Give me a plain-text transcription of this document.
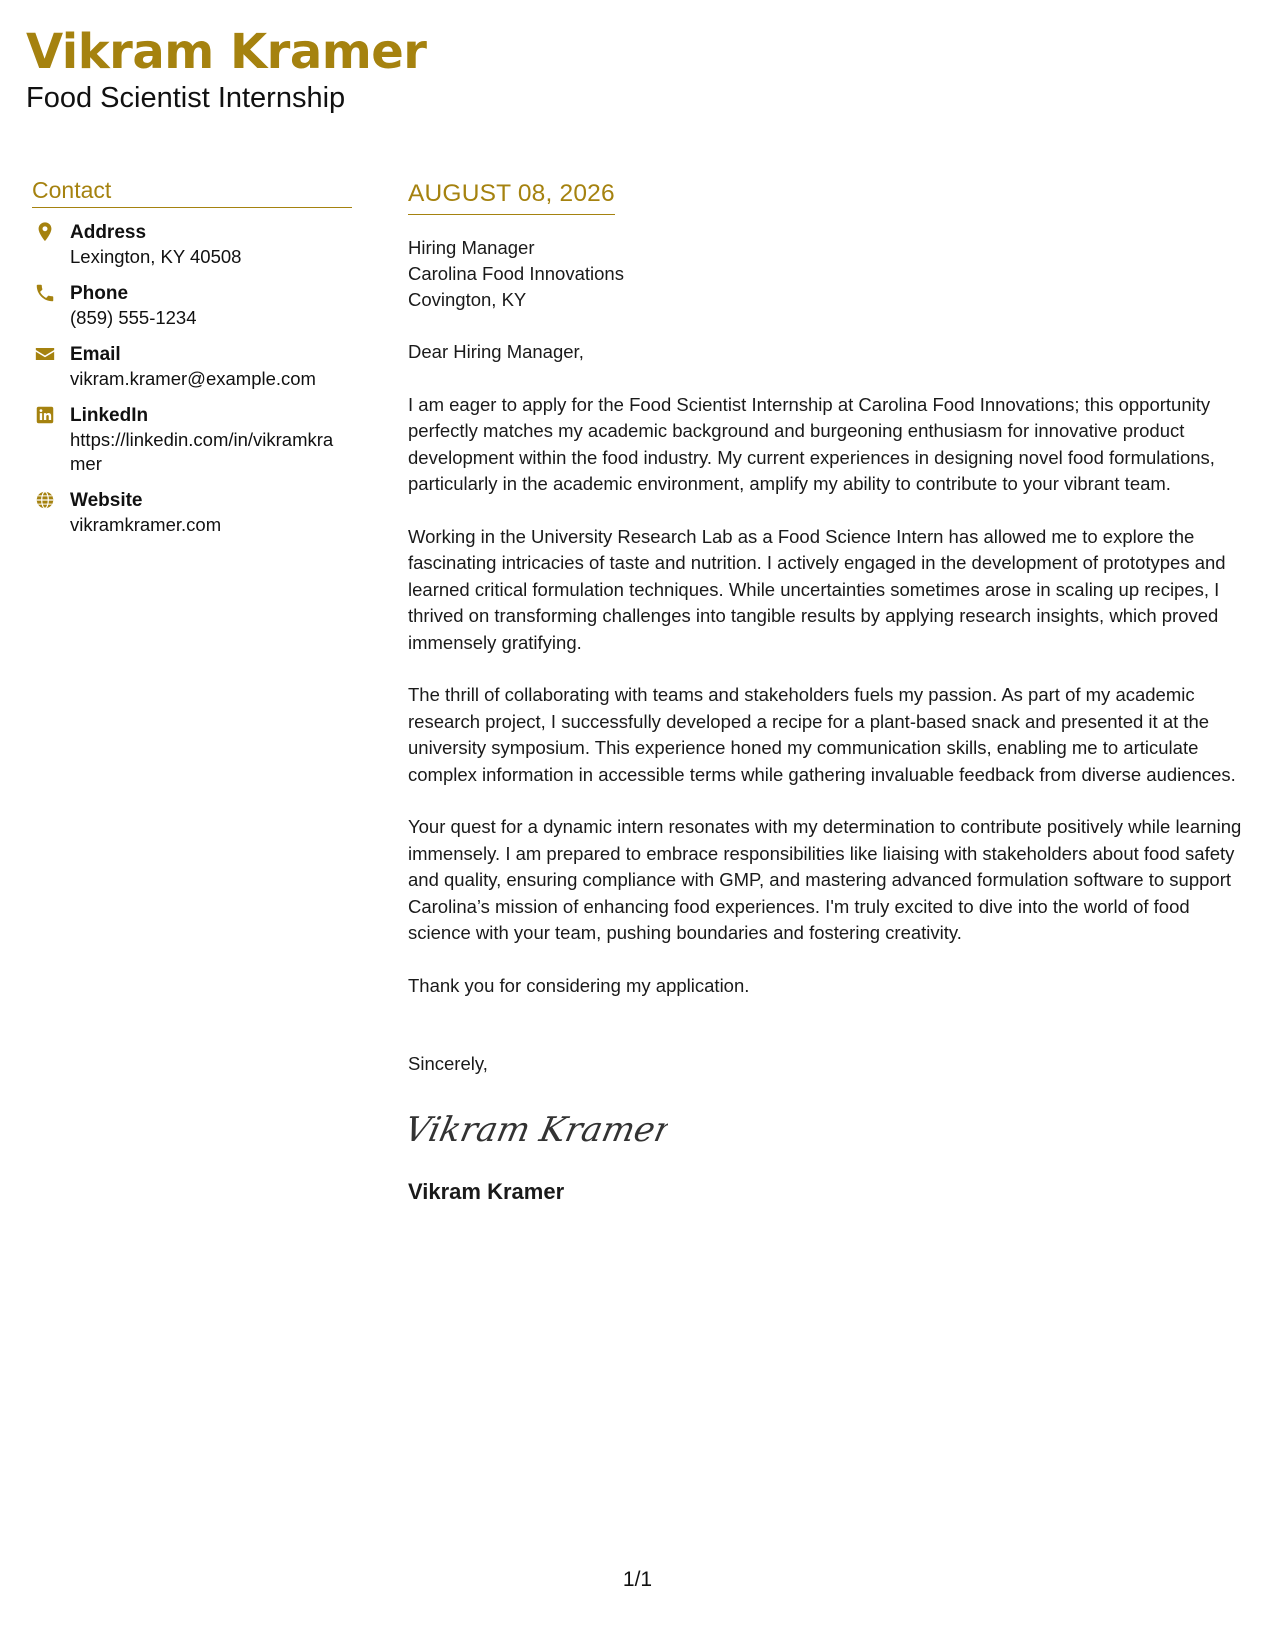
Vikram Kramer
Food Scientist Internship
Contact
Address
Lexington, KY 40508
Phone
(859) 555-1234
Email
vikram.kramer@example.com
LinkedIn
https://linkedin.com/in/vikramkramer
Website
vikramkramer.com
AUGUST 08, 2026
Hiring Manager
Carolina Food Innovations
Covington, KY

Dear Hiring Manager,

I am eager to apply for the Food Scientist Internship at Carolina Food Innovations; this opportunity perfectly matches my academic background and burgeoning enthusiasm for innovative product development within the food industry. My current experiences in designing novel food formulations, particularly in the academic environment, amplify my ability to contribute to your vibrant team.

Working in the University Research Lab as a Food Science Intern has allowed me to explore the fascinating intricacies of taste and nutrition. I actively engaged in the development of prototypes and learned critical formulation techniques. While uncertainties sometimes arose in scaling up recipes, I thrived on transforming challenges into tangible results by applying research insights, which proved immensely gratifying.

The thrill of collaborating with teams and stakeholders fuels my passion. As part of my academic research project, I successfully developed a recipe for a plant-based snack and presented it at the university symposium. This experience honed my communication skills, enabling me to articulate complex information in accessible terms while gathering invaluable feedback from diverse audiences.

Your quest for a dynamic intern resonates with my determination to contribute positively while learning immensely. I am prepared to embrace responsibilities like liaising with stakeholders about food safety and quality, ensuring compliance with GMP, and mastering advanced formulation software to support Carolina’s mission of enhancing food experiences. I'm truly excited to dive into the world of food science with your team, pushing boundaries and fostering creativity.

Thank you for considering my application.

Sincerely,
Vikram Kramer
Vikram Kramer
1/1
